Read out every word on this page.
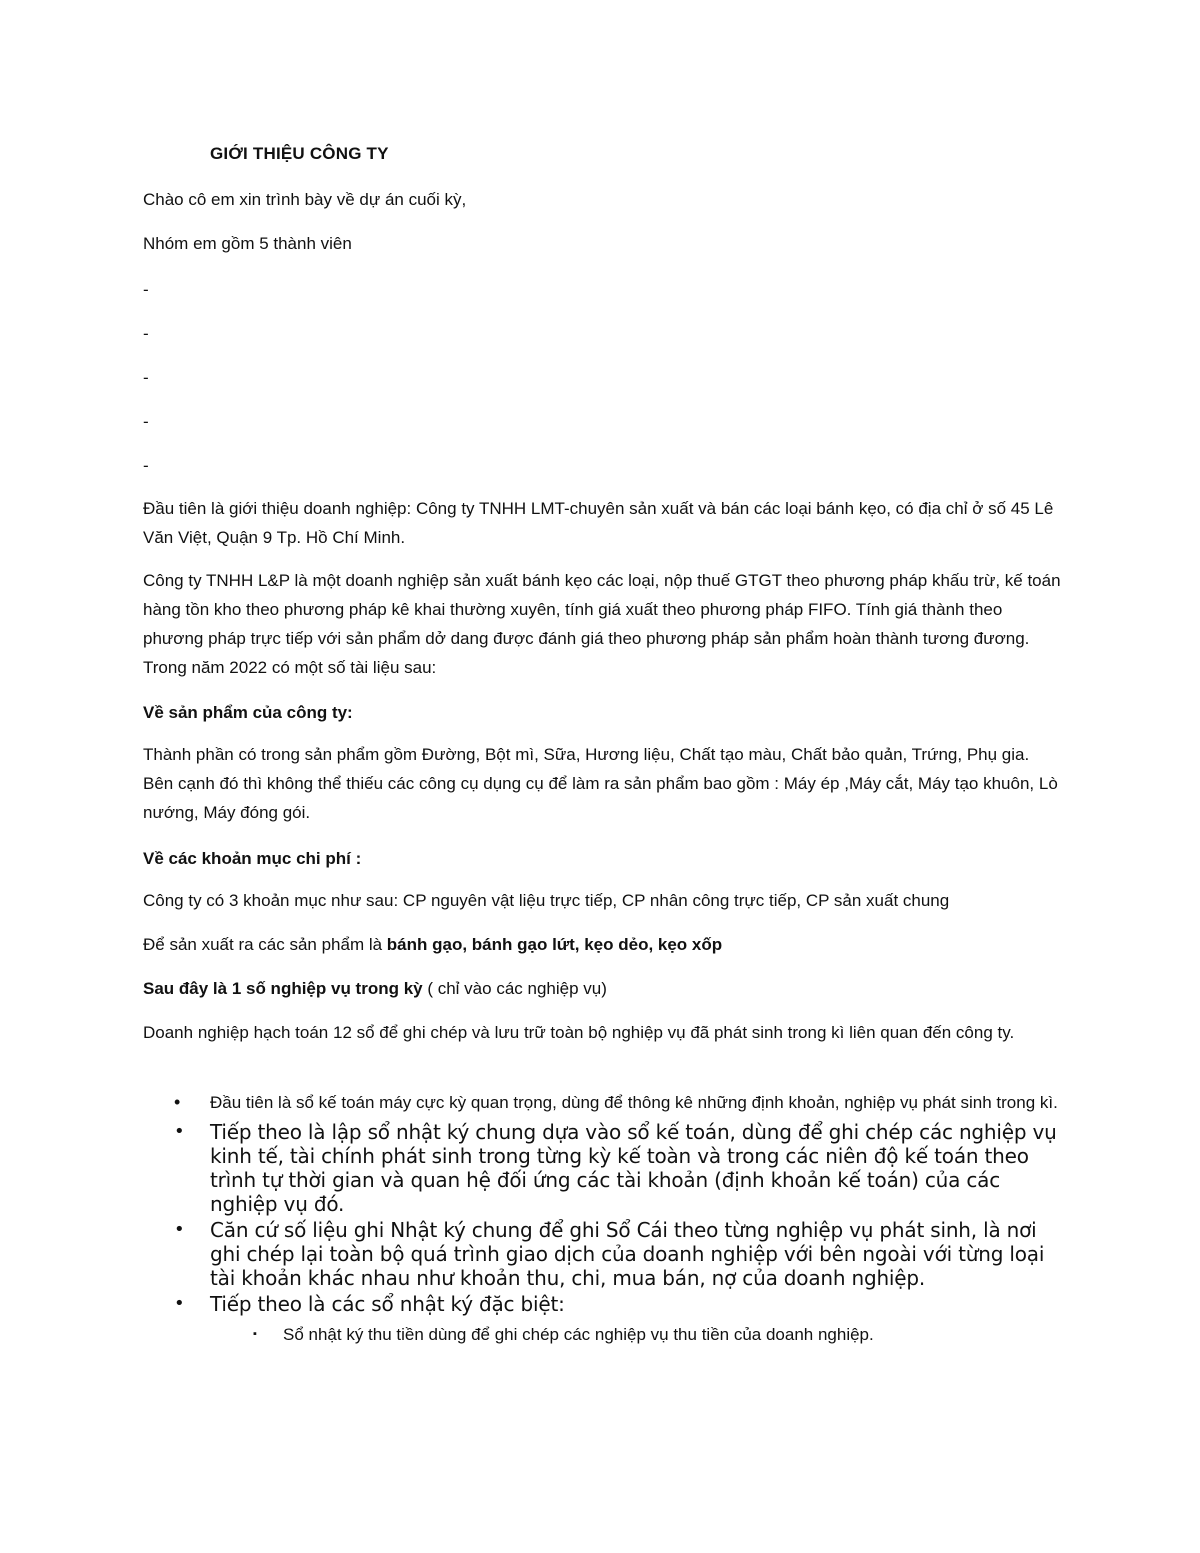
GIỚI THIỆU CÔNG TY
Chào cô em xin trình bày về dự án cuối kỳ,
Nhóm em gồm 5 thành viên
-
-
-
-
-
Đầu tiên là giới thiệu doanh nghiệp: Công ty TNHH LMT-chuyên sản xuất và bán các loại bánh kẹo, có địa chỉ ở số 45 Lê Văn Việt, Quận 9 Tp. Hồ Chí Minh.
Công ty TNHH L&P là một doanh nghiệp sản xuất bánh kẹo các loại, nộp thuế GTGT theo phương pháp khấu trừ, kế toán hàng tồn kho theo phương pháp kê khai thường xuyên, tính giá xuất theo phương pháp FIFO. Tính giá thành theo phương pháp trực tiếp với sản phẩm dở dang được đánh giá theo phương pháp sản phẩm hoàn thành tương đương. Trong năm 2022 có một số tài liệu sau:
Về sản phẩm của công ty:
Thành phần có trong sản phẩm gồm Đường, Bột mì, Sữa, Hương liệu, Chất tạo màu, Chất bảo quản, Trứng, Phụ gia. Bên cạnh đó thì không thể thiếu các công cụ dụng cụ để làm ra sản phẩm bao gồm : Máy ép ,Máy cắt, Máy tạo khuôn, Lò nướng, Máy đóng gói.
Về các khoản mục chi phí :
Công ty có 3 khoản mục như sau: CP nguyên vật liệu trực tiếp, CP nhân công trực tiếp, CP sản xuất chung
Để sản xuất ra các sản phẩm là bánh gạo, bánh gạo lứt, kẹo dẻo, kẹo xốp
Sau đây là 1 số nghiệp vụ trong kỳ ( chỉ vào các nghiệp vụ)
Doanh nghiệp hạch toán 12 sổ để ghi chép và lưu trữ toàn bộ nghiệp vụ đã phát sinh trong kì liên quan đến công ty.
• Đầu tiên là sổ kế toán máy cực kỳ quan trọng, dùng để thông kê những định khoản, nghiệp vụ phát sinh trong kì.
• Tiếp theo là lập sổ nhật ký chung dựa vào sổ kế toán, dùng để ghi chép các nghiệp vụ kinh tế, tài chính phát sinh trong từng kỳ kế toàn và trong các niên độ kế toán theo trình tự thời gian và quan hệ đối ứng các tài khoản (định khoản kế toán) của các nghiệp vụ đó.
• Căn cứ số liệu ghi Nhật ký chung để ghi Sổ Cái theo từng nghiệp vụ phát sinh, là nơi ghi chép lại toàn bộ quá trình giao dịch của doanh nghiệp với bên ngoài với từng loại tài khoản khác nhau như khoản thu, chi, mua bán, nợ của doanh nghiệp.
• Tiếp theo là các sổ nhật ký đặc biệt:
▪ Sổ nhật ký thu tiền dùng để ghi chép các nghiệp vụ thu tiền của doanh nghiệp.
